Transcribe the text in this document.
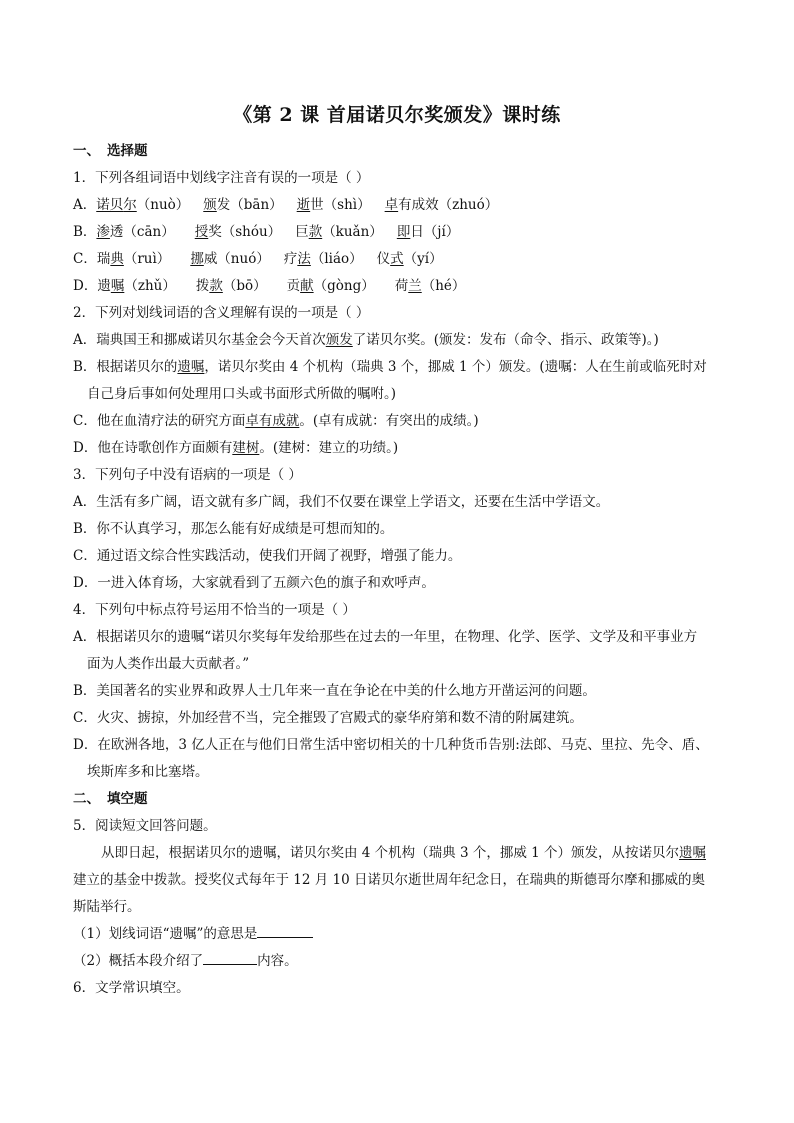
《第 2 课 首届诺贝尔奖颁发》课时练
一、 选择题
1．下列各组词语中划线字注音有误的一项是（ ）
A．诺贝尔（nuò） 颁发（bān） 逝世（shì） 卓有成效（zhuó）
B．渗透（cān） 授奖（shóu） 巨款（kuǎn） 即日（jí）
C．瑞典（ruì） 挪威（nuó） 疗法（liáo） 仪式（yí）
D．遗嘱（zhǔ） 拨款（bō） 贡献（gòng） 荷兰（hé）
2．下列对划线词语的含义理解有误的一项是（ ）
A．瑞典国王和挪威诺贝尔基金会今天首次颁发了诺贝尔奖。(颁发：发布（命令、指示、政策等)。)
B．根据诺贝尔的遗嘱，诺贝尔奖由 4 个机构（瑞典 3 个，挪威 1 个）颁发。(遗嘱：人在生前或临死时对
自己身后事如何处理用口头或书面形式所做的嘱咐。)
C．他在血清疗法的研究方面卓有成就。(卓有成就：有突出的成绩。)
D．他在诗歌创作方面颇有建树。(建树：建立的功绩。)
3．下列句子中没有语病的一项是（ ）
A．生活有多广阔，语文就有多广阔，我们不仅要在课堂上学语文，还要在生活中学语文。
B．你不认真学习，那怎么能有好成绩是可想而知的。
C．通过语文综合性实践活动，使我们开阔了视野，增强了能力。
D．一进入体育场，大家就看到了五颜六色的旗子和欢呼声。
4．下列句中标点符号运用不恰当的一项是（ ）
A．根据诺贝尔的遗嘱“诺贝尔奖每年发给那些在过去的一年里，在物理、化学、医学、文学及和平事业方
面为人类作出最大贡献者。”
B．美国著名的实业界和政界人士几年来一直在争论在中美的什么地方开凿运河的问题。
C．火灾、掳掠，外加经营不当，完全摧毁了宫殿式的豪华府第和数不清的附属建筑。
D．在欧洲各地，3 亿人正在与他们日常生活中密切相关的十几种货币告别:法郎、马克、里拉、先令、盾、
埃斯库多和比塞塔。
二、 填空题
5．阅读短文回答问题。
从即日起，根据诺贝尔的遗嘱，诺贝尔奖由 4 个机构（瑞典 3 个，挪威 1 个）颁发，从按诺贝尔遗嘱
建立的基金中拨款。授奖仪式每年于 12 月 10 日诺贝尔逝世周年纪念日，在瑞典的斯德哥尔摩和挪威的奥
斯陆举行。
（1）划线词语“遗嘱”的意思是
（2）概括本段介绍了	内容。
6．文学常识填空。
